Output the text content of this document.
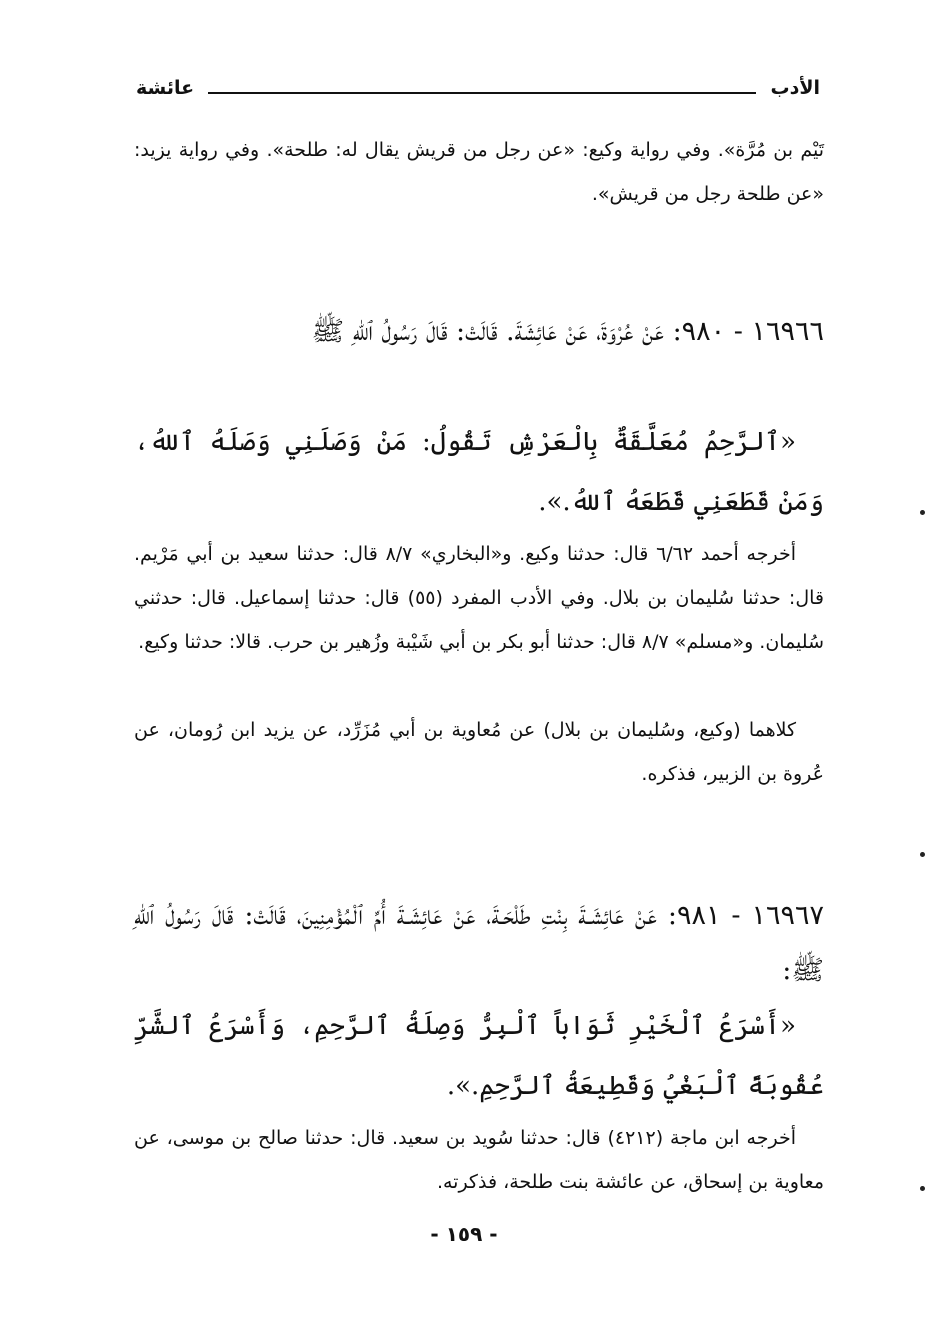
الأدب
عائشة

تَيْم بن مُرَّة». وفي رواية وكيع: «عن رجل من قريش يقال له: طلحة». وفي رواية يزيد: «عن طلحة رجل من قريش».

١٦٩٦٦ - ٩٨٠: عَنْ عُرْوَةَ، عَنْ عَائِشَةَ. قَالَتْ: قَالَ رَسُولُ ٱللهِ ﷺ

«ٱلرَّحِمُ مُعَلَّقَةٌ بِالْعَرْشِ تَقُولُ: مَنْ وَصَلَنِي وَصَلَهُ ٱللهُ، وَمَنْ قَطَعَنِي قَطَعَهُ ٱللهُ.».

أخرجه أحمد ٦/٦٢ قال: حدثنا وكيع. و«البخاري» ٨/٧ قال: حدثنا سعيد بن أبي مَرْيم. قال: حدثنا سُليمان بن بلال. وفي الأدب المفرد (٥٥) قال: حدثنا إسماعيل. قال: حدثني سُليمان. و«مسلم» ٨/٧ قال: حدثنا أبو بكر بن أبي شَيْبة وزُهير بن حرب. قالا: حدثنا وكيع.

كلاهما (وكيع، وسُليمان بن بلال) عن مُعاوية بن أبي مُزَرِّد، عن يزيد ابن رُومان، عن عُروة بن الزبير، فذكره.

١٦٩٦٧ - ٩٨١: عَنْ عَائِشَـةَ بِنْتِ طَلْحَـةَ، عَنْ عَائِشَـةَ أُمِّ ٱلْمُؤْمِنِينَ، قَالَتْ: قَالَ رَسُولُ ٱللهِ ﷺ:

«أَسْرَعُ ٱلْخَيْرِ ثَوَاباً ٱلْبِرُّ وَصِلَةُ ٱلرَّحِمِ، وَأَسْرَعُ ٱلشَّرِّ عُقُوبَةً ٱلْبَغْيُ وَقَطِيعَةُ ٱلرَّحِمِ.».

أخرجه ابن ماجة (٤٢١٢) قال: حدثنا سُويد بن سعيد. قال: حدثنا صالح بن موسى، عن معاوية بن إسحاق، عن عائشة بنت طلحة، فذكرته.

- ١٥٩ -
